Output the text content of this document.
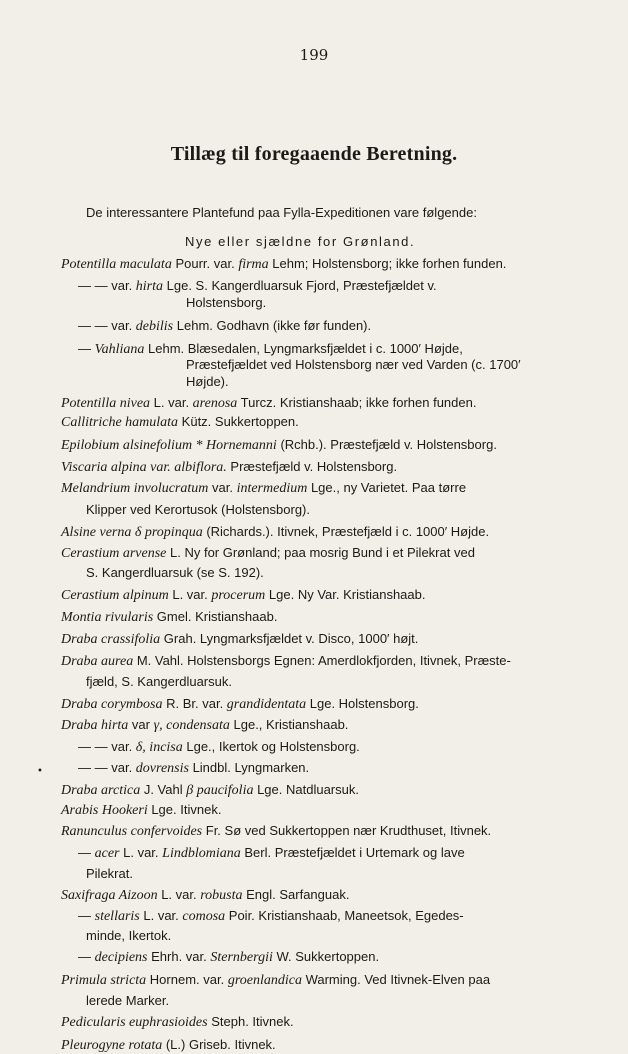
199
Tillæg til foregaaende Beretning.
De interessantere Plantefund paa Fylla-Expeditionen vare følgende:
Nye eller sjældne for Grønland.
•
Potentilla maculata Pourr. var. firma Lehm; Holstensborg; ikke forhen funden.
— — var. hirta Lge. S. Kangerdluarsuk Fjord, Præstefjældet v.
Holstensborg.
— — var. debilis Lehm. Godhavn (ikke før funden).
— Vahliana Lehm. Blæsedalen, Lyngmarksfjældet i c. 1000′ Højde,
Præstefjældet ved Holstensborg nær ved Varden (c. 1700′
Højde).
Potentilla nivea L. var. arenosa Turcz. Kristianshaab; ikke forhen funden.
Callitriche hamulata Kütz. Sukkertoppen.
Epilobium alsinefolium * Hornemanni (Rchb.). Præstefjæld v. Holstensborg.
Viscaria alpina var. albiflora. Præstefjæld v. Holstensborg.
Melandrium involucratum var. intermedium Lge., ny Varietet. Paa tørre
Klipper ved Kerortusok (Holstensborg).
Alsine verna δ propinqua (Richards.). Itivnek, Præstefjæld i c. 1000′ Højde.
Cerastium arvense L. Ny for Grønland; paa mosrig Bund i et Pilekrat ved
S. Kangerdluarsuk (se S. 192).
Cerastium alpinum L. var. procerum Lge. Ny Var. Kristianshaab.
Montia rivularis Gmel. Kristianshaab.
Draba crassifolia Grah. Lyngmarksfjældet v. Disco, 1000′ højt.
Draba aurea M. Vahl. Holstensborgs Egnen: Amerdlokfjorden, Itivnek, Præste-
fjæld, S. Kangerdluarsuk.
Draba corymbosa R. Br. var. grandidentata Lge. Holstensborg.
Draba hirta var γ, condensata Lge., Kristianshaab.
— — var. δ, incisa Lge., Ikertok og Holstensborg.
— — var. dovrensis Lindbl. Lyngmarken.
Draba arctica J. Vahl β paucifolia Lge. Natdluarsuk.
Arabis Hookeri Lge. Itivnek.
Ranunculus confervoides Fr. Sø ved Sukkertoppen nær Krudthuset, Itivnek.
— acer L. var. Lindblomiana Berl. Præstefjældet i Urtemark og lave
Pilekrat.
Saxifraga Aizoon L. var. robusta Engl. Sarfanguak.
— stellaris L. var. comosa Poir. Kristianshaab, Maneetsok, Egedes-
minde, Ikertok.
— decipiens Ehrh. var. Sternbergii W. Sukkertoppen.
Primula stricta Hornem. var. groenlandica Warming. Ved Itivnek-Elven paa
lerede Marker.
Pedicularis euphrasioides Steph. Itivnek.
Pleurogyne rotata (L.) Griseb. Itivnek.
